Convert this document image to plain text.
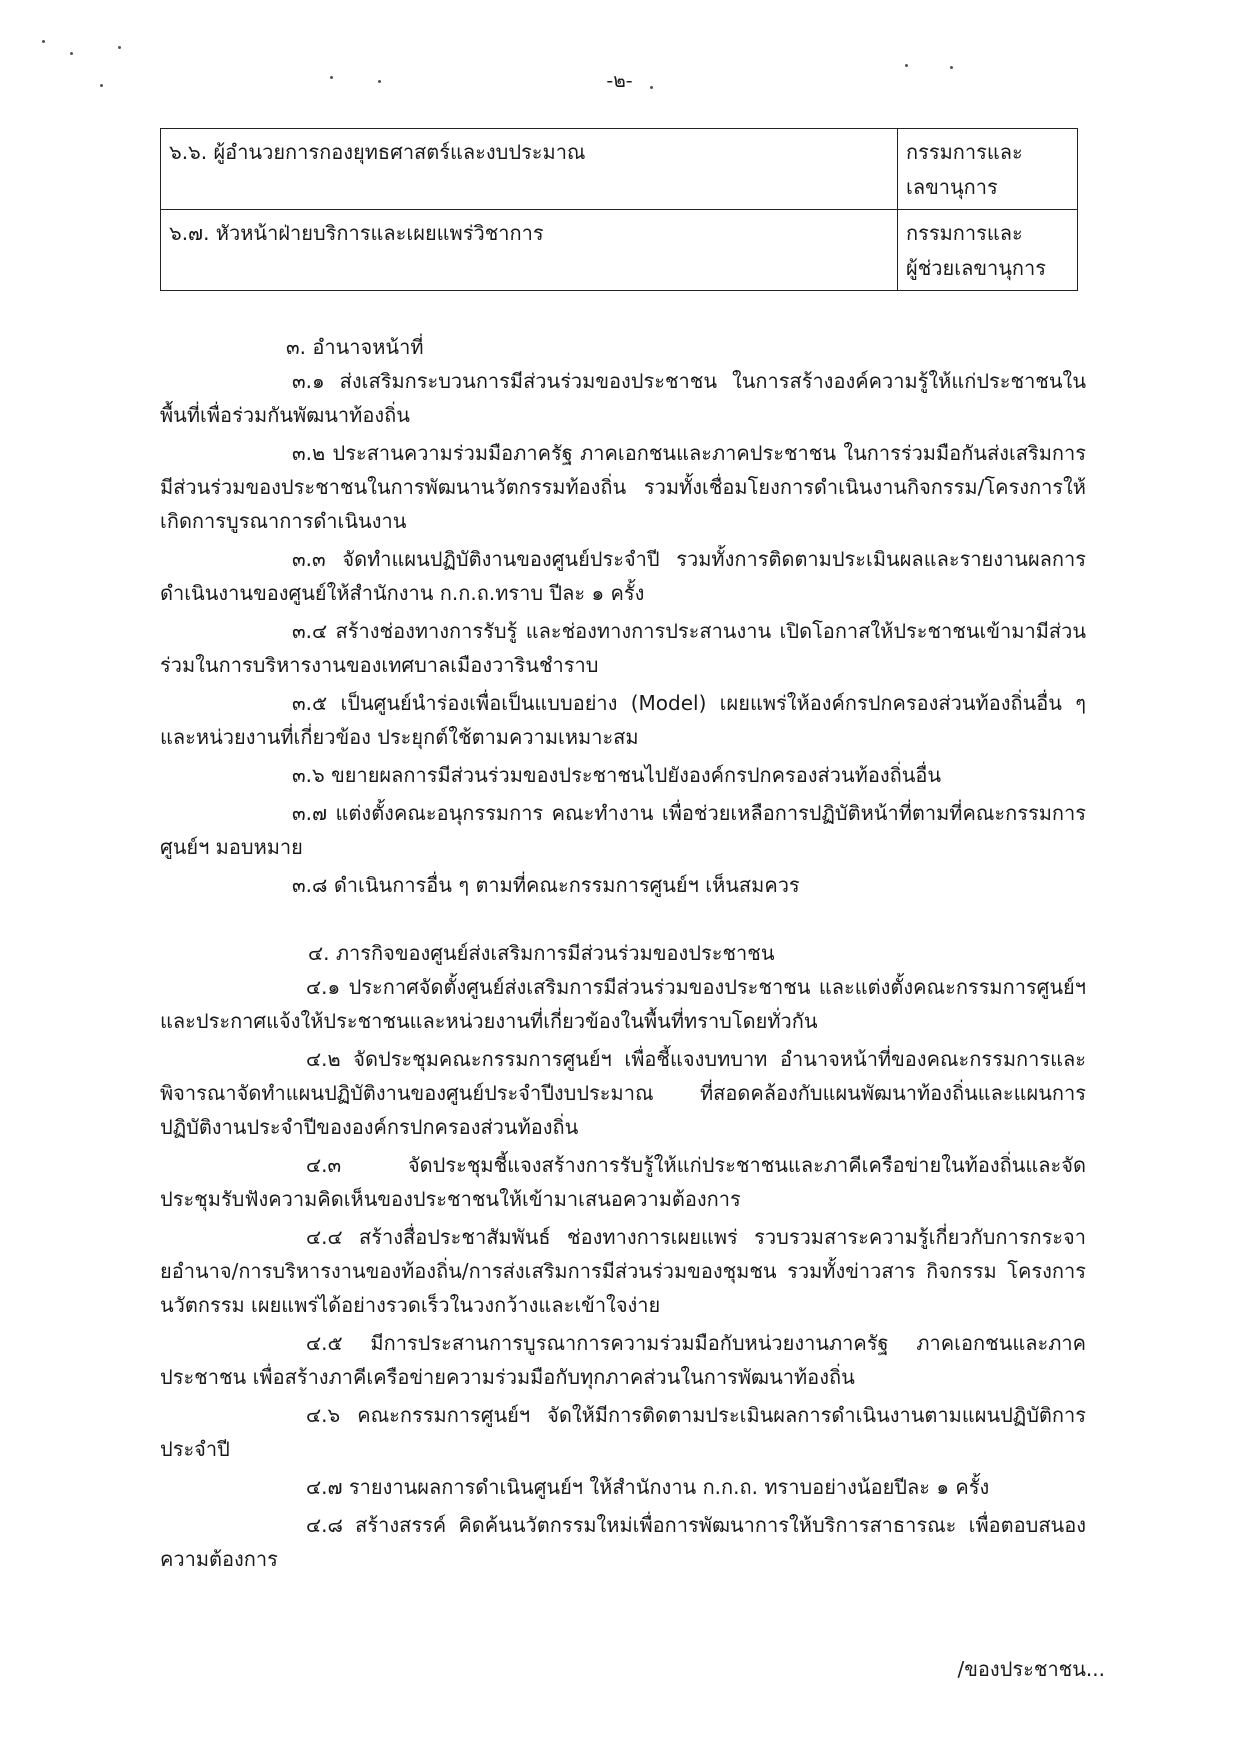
-๒-
๖.๖. ผู้อำนวยการกองยุทธศาสตร์และงบประมาณ	กรรมการและ
เลขานุการ

๖.๗. หัวหน้าฝ่ายบริการและเผยแพร่วิชาการ	กรรมการและ
ผู้ช่วยเลขานุการ
๓. อำนาจหน้าที่

๓.๑ ส่งเสริมกระบวนการมีส่วนร่วมของประชาชน ในการสร้างองค์ความรู้ให้แก่ประชาชนในพื้นที่เพื่อร่วมกันพัฒนาท้องถิ่น

๓.๒ ประสานความร่วมมือภาครัฐ ภาคเอกชนและภาคประชาชน ในการร่วมมือกันส่งเสริมการมีส่วนร่วมของประชาชนในการพัฒนานวัตกรรมท้องถิ่น รวมทั้งเชื่อมโยงการดำเนินงานกิจกรรม/โครงการให้เกิดการบูรณาการดำเนินงาน

๓.๓ จัดทำแผนปฏิบัติงานของศูนย์ประจำปี รวมทั้งการติดตามประเมินผลและรายงานผลการดำเนินงานของศูนย์ให้สำนักงาน ก.ก.ถ.ทราบ ปีละ ๑ ครั้ง

๓.๔ สร้างช่องทางการรับรู้ และช่องทางการประสานงาน เปิดโอกาสให้ประชาชนเข้ามามีส่วนร่วมในการบริหารงานของเทศบาลเมืองวารินชำราบ

๓.๕ เป็นศูนย์นำร่องเพื่อเป็นแบบอย่าง (Model) เผยแพร่ให้องค์กรปกครองส่วนท้องถิ่นอื่น ๆ และหน่วยงานที่เกี่ยวข้อง ประยุกต์ใช้ตามความเหมาะสม

๓.๖ ขยายผลการมีส่วนร่วมของประชาชนไปยังองค์กรปกครองส่วนท้องถิ่นอื่น

๓.๗ แต่งตั้งคณะอนุกรรมการ คณะทำงาน เพื่อช่วยเหลือการปฏิบัติหน้าที่ตามที่คณะกรรมการศูนย์ฯ มอบหมาย

๓.๘ ดำเนินการอื่น ๆ ตามที่คณะกรรมการศูนย์ฯ เห็นสมควร

๔. ภารกิจของศูนย์ส่งเสริมการมีส่วนร่วมของประชาชน

๔.๑ ประกาศจัดตั้งศูนย์ส่งเสริมการมีส่วนร่วมของประชาชน และแต่งตั้งคณะกรรมการศูนย์ฯและประกาศแจ้งให้ประชาชนและหน่วยงานที่เกี่ยวข้องในพื้นที่ทราบโดยทั่วกัน

๔.๒ จัดประชุมคณะกรรมการศูนย์ฯ เพื่อชี้แจงบทบาท อำนาจหน้าที่ของคณะกรรมการและพิจารณาจัดทำแผนปฏิบัติงานของศูนย์ประจำปีงบประมาณ ที่สอดคล้องกับแผนพัฒนาท้องถิ่นและแผนการปฏิบัติงานประจำปีขององค์กรปกครองส่วนท้องถิ่น

๔.๓ จัดประชุมชี้แจงสร้างการรับรู้ให้แก่ประชาชนและภาคีเครือข่ายในท้องถิ่นและจัดประชุมรับฟังความคิดเห็นของประชาชนให้เข้ามาเสนอความต้องการ

๔.๔ สร้างสื่อประชาสัมพันธ์ ช่องทางการเผยแพร่ รวบรวมสาระความรู้เกี่ยวกับการกระจายอำนาจ/การบริหารงานของท้องถิ่น/การส่งเสริมการมีส่วนร่วมของชุมชน รวมทั้งข่าวสาร กิจกรรม โครงการนวัตกรรม เผยแพร่ได้อย่างรวดเร็วในวงกว้างและเข้าใจง่าย

๔.๕ มีการประสานการบูรณาการความร่วมมือกับหน่วยงานภาครัฐ ภาคเอกชนและภาคประชาชน เพื่อสร้างภาคีเครือข่ายความร่วมมือกับทุกภาคส่วนในการพัฒนาท้องถิ่น

๔.๖ คณะกรรมการศูนย์ฯ จัดให้มีการติดตามประเมินผลการดำเนินงานตามแผนปฏิบัติการประจำปี

๔.๗ รายงานผลการดำเนินศูนย์ฯ ให้สำนักงาน ก.ก.ถ. ทราบอย่างน้อยปีละ ๑ ครั้ง

๔.๘ สร้างสรรค์ คิดค้นนวัตกรรมใหม่เพื่อการพัฒนาการให้บริการสาธารณะ เพื่อตอบสนองความต้องการ

/ของประชาชน...
